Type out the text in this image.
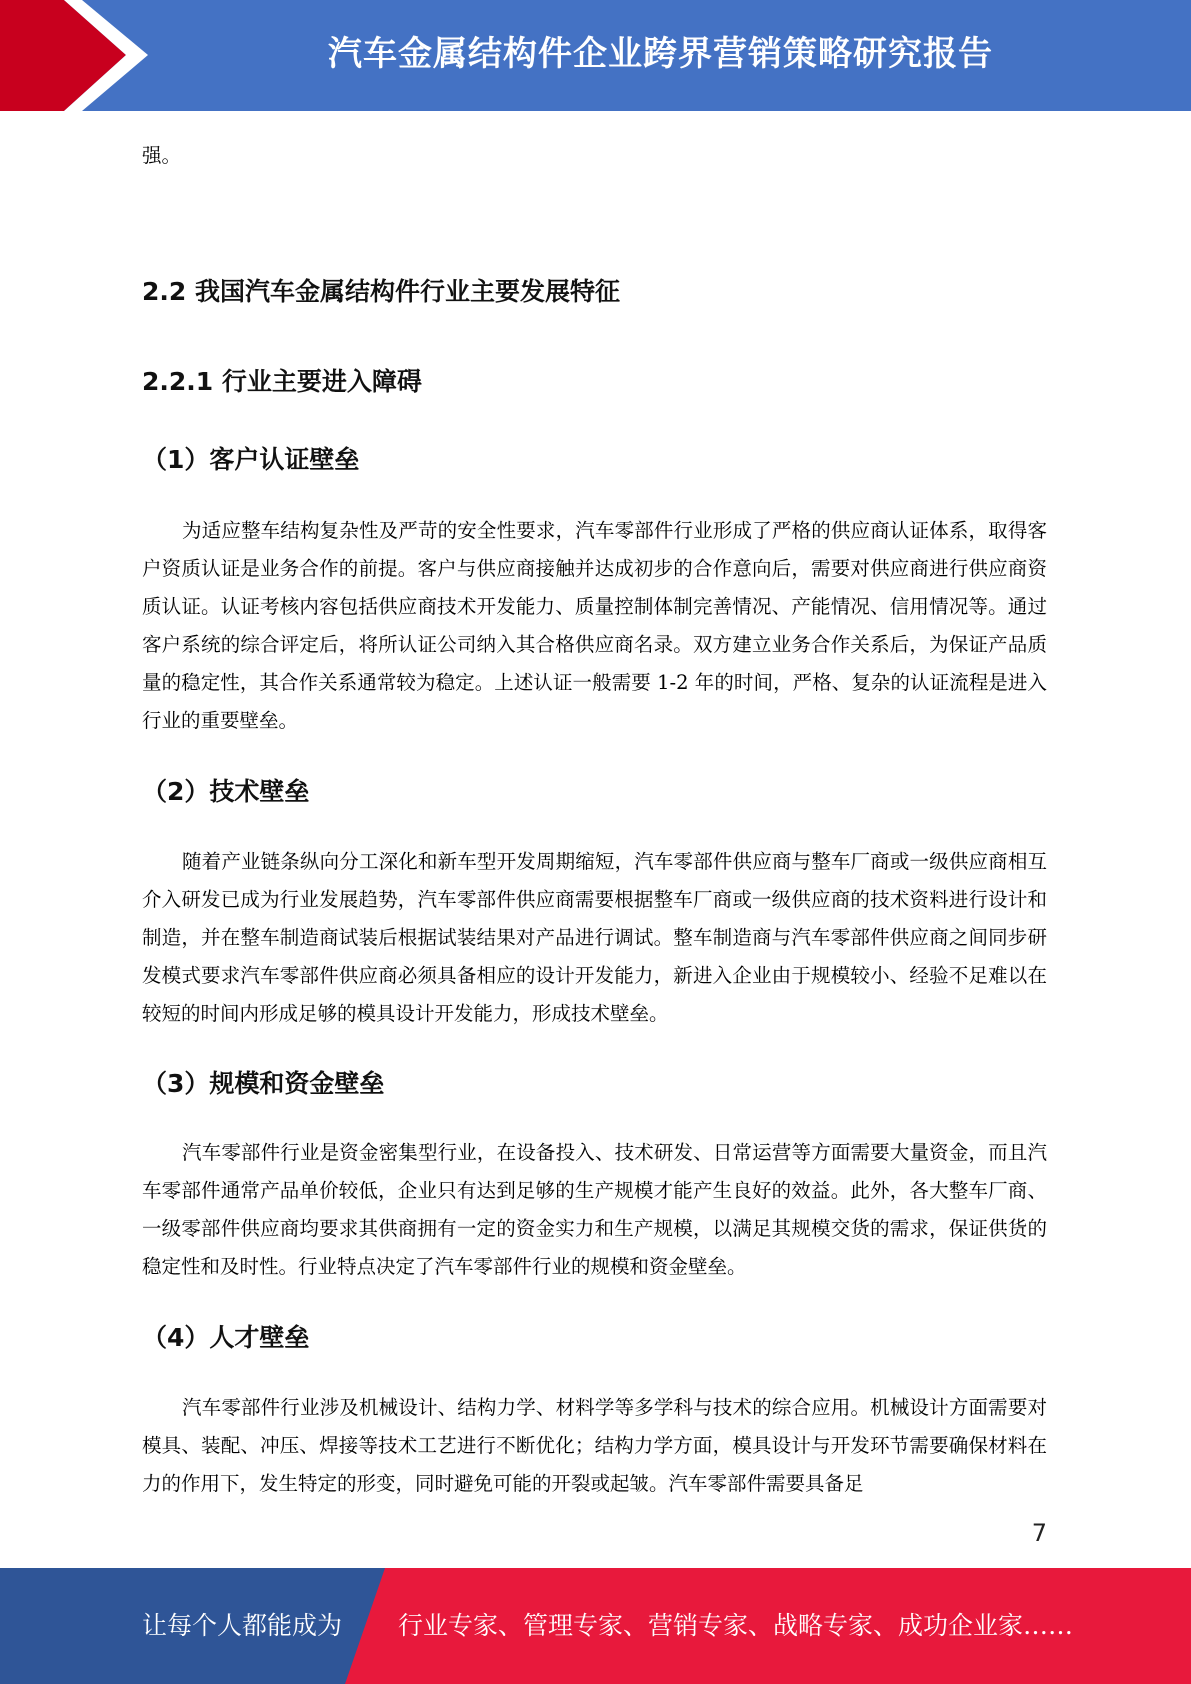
汽车金属结构件企业跨界营销策略研究报告

强。

2.2 我国汽车金属结构件行业主要发展特征
2.2.1 行业主要进入障碍
（1）客户认证壁垒

为适应整车结构复杂性及严苛的安全性要求，汽车零部件行业形成了严格的供应商认证体系，取得客户资质认证是业务合作的前提。客户与供应商接触并达成初步的合作意向后，需要对供应商进行供应商资质认证。认证考核内容包括供应商技术开发能力、质量控制体制完善情况、产能情况、信用情况等。通过客户系统的综合评定后，将所认证公司纳入其合格供应商名录。双方建立业务合作关系后，为保证产品质量的稳定性，其合作关系通常较为稳定。上述认证一般需要 1-2 年的时间，严格、复杂的认证流程是进入行业的重要壁垒。

（2）技术壁垒

随着产业链条纵向分工深化和新车型开发周期缩短，汽车零部件供应商与整车厂商或一级供应商相互介入研发已成为行业发展趋势，汽车零部件供应商需要根据整车厂商或一级供应商的技术资料进行设计和制造，并在整车制造商试装后根据试装结果对产品进行调试。整车制造商与汽车零部件供应商之间同步研发模式要求汽车零部件供应商必须具备相应的设计开发能力，新进入企业由于规模较小、经验不足难以在较短的时间内形成足够的模具设计开发能力，形成技术壁垒。

（3）规模和资金壁垒

汽车零部件行业是资金密集型行业，在设备投入、技术研发、日常运营等方面需要大量资金，而且汽车零部件通常产品单价较低，企业只有达到足够的生产规模才能产生良好的效益。此外，各大整车厂商、一级零部件供应商均要求其供商拥有一定的资金实力和生产规模，以满足其规模交货的需求，保证供货的稳定性和及时性。行业特点决定了汽车零部件行业的规模和资金壁垒。

（4）人才壁垒

汽车零部件行业涉及机械设计、结构力学、材料学等多学科与技术的综合应用。机械设计方面需要对模具、装配、冲压、焊接等技术工艺进行不断优化；结构力学方面，模具设计与开发环节需要确保材料在力的作用下，发生特定的形变，同时避免可能的开裂或起皱。汽车零部件需要具备足

7
让每个人都能成为 行业专家、管理专家、营销专家、战略专家、成功企业家……
